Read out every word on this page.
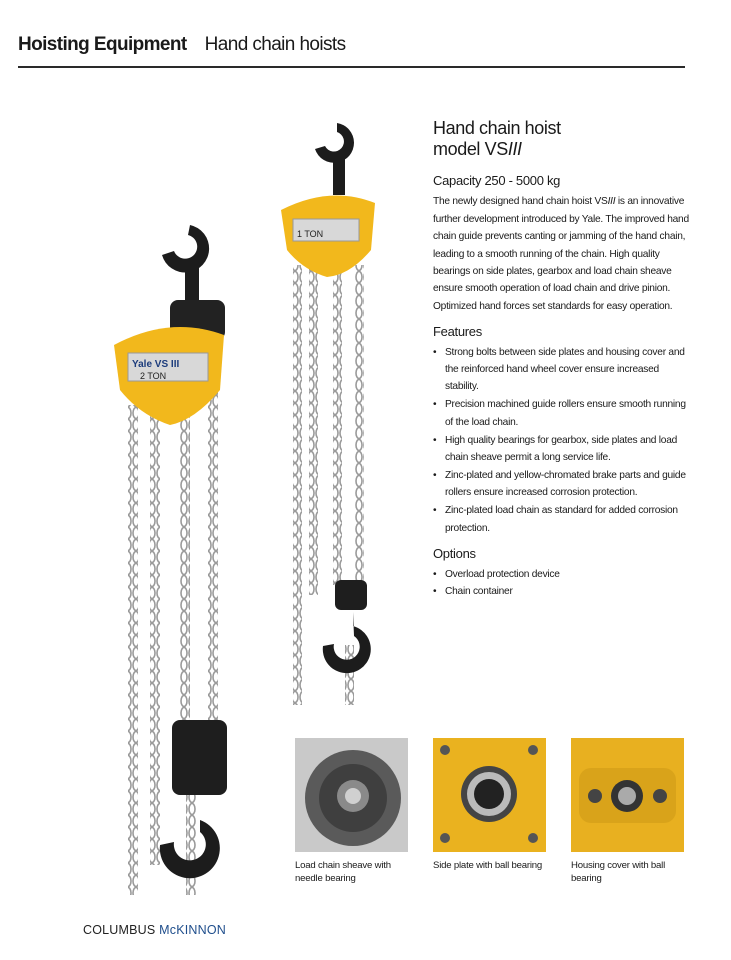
Hoisting Equipment Hand chain hoists
Yale VS III
2 TON
1 TON
Hand chain hoist
model VSIII
Capacity 250 - 5000 kg
The newly designed hand chain hoist VSIII is an innovative further development introduced by Yale. The improved hand chain guide prevents canting or jamming of the hand chain, leading to a smooth running of the chain. High quality bearings on side plates, gearbox and load chain sheave ensure smooth operation of load chain and drive pinion.
Optimized hand forces set standards for easy operation.
Features
• Strong bolts between side plates and housing cover and the reinforced hand wheel cover ensure increased stability.
• Precision machined guide rollers ensure smooth running of the load chain.
• High quality bearings for gearbox, side plates and load chain sheave permit a long service life.
• Zinc-plated and yellow-chromated brake parts and guide rollers ensure increased corrosion protection.
• Zinc-plated load chain as standard for added corrosion protection.
Options
• Overload protection device
• Chain container
Load chain sheave with needle bearing
Side plate with ball bearing	Housing cover with ball bearing
COLUMBUS McKINNON
